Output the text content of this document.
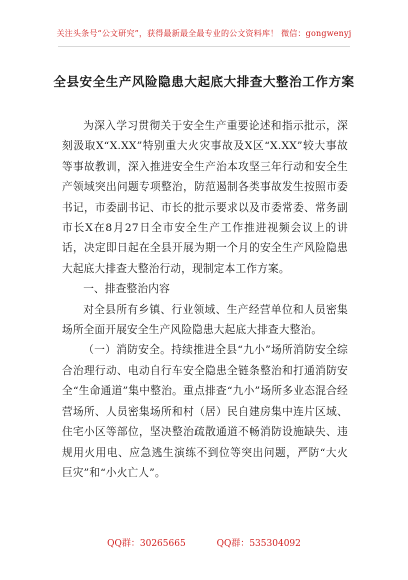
关注头条号“公文研究”，获得最新最全最专业的公文资料库！ 微信：gongwenyj
全县安全生产风险隐患大起底大排查大整治工作方案

为深入学习贯彻关于安全生产重要论述和指示批示，深刻汲取X“X.XX”特别重大火灾事故及X区“X.XX”较大事故等事故教训，深入推进安全生产治本攻坚三年行动和安全生产领域突出问题专项整治，防范遏制各类事故发生按照市委书记，市委副书记、市长的批示要求以及市委常委、常务副市长X在8月27日全市安全生产工作推进视频会议上的讲话，决定即日起在全县开展为期一个月的安全生产风险隐患大起底大排查大整治行动，现制定本工作方案。

一、排查整治内容

对全县所有乡镇、行业领域、生产经营单位和人员密集场所全面开展安全生产风险隐患大起底大排查大整治。

（一）消防安全。持续推进全县“九小”场所消防安全综合治理行动、电动自行车安全隐患全链条整治和打通消防安全“生命通道”集中整治。重点排查“九小”场所多业态混合经营场所、人员密集场所和村（居）民自建房集中连片区域、住宅小区等部位，坚决整治疏散通道不畅消防设施缺失、违规用火用电、应急逃生演练不到位等突出问题，严防“大火巨灾”和“小火亡人”。

QQ群：30265665	QQ群：535304092
